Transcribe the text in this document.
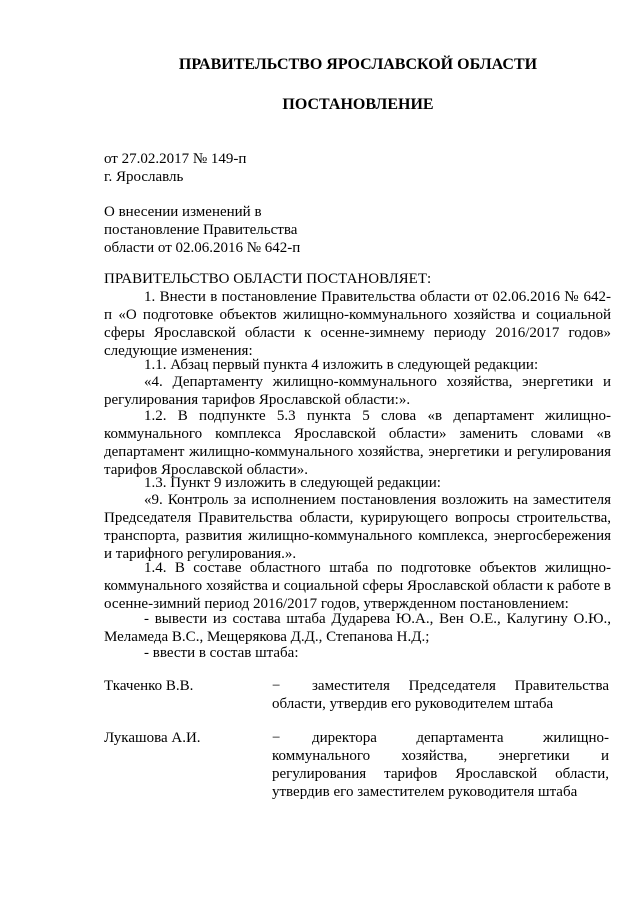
ПРАВИТЕЛЬСТВО ЯРОСЛАВСКОЙ ОБЛАСТИ
ПОСТАНОВЛЕНИЕ
от 27.02.2017 № 149-п
г. Ярославль
О внесении изменений в
постановление Правительства
области от 02.06.2016 № 642-п
ПРАВИТЕЛЬСТВО ОБЛАСТИ ПОСТАНОВЛЯЕТ:
1. Внести в постановление Правительства области от 02.06.2016 № 642-п «О подготовке объектов жилищно-коммунального хозяйства и социальной сферы Ярославской области к осенне-зимнему периоду 2016/2017 годов» следующие изменения:
1.1. Абзац первый пункта 4 изложить в следующей редакции:
«4. Департаменту жилищно-коммунального хозяйства, энергетики и регулирования тарифов Ярославской области:».
1.2. В подпункте 5.3 пункта 5 слова «в департамент жилищно-коммунального комплекса Ярославской области» заменить словами «в департамент жилищно-коммунального хозяйства, энергетики и регулирования тарифов Ярославской области».
1.3. Пункт 9 изложить в следующей редакции:
«9. Контроль за исполнением постановления возложить на заместителя Председателя Правительства области, курирующего вопросы строительства, транспорта, развития жилищно-коммунального комплекса, энергосбережения и тарифного регулирования.».
1.4. В составе областного штаба по подготовке объектов жилищно-коммунального хозяйства и социальной сферы Ярославской области к работе в осенне-зимний период 2016/2017 годов, утвержденном постановлением:
- вывести из состава штаба Дударева Ю.А., Вен О.Е., Калугину О.Ю., Меламеда В.С., Мещерякова Д.Д., Степанова Н.Д.;
- ввести в состав штаба:
Ткаченко В.В.	−	заместителя Председателя Правительства области, утвердив его руководителем штаба
Лукашова А.И.	−	директора департамента жилищно-коммунального хозяйства, энергетики и регулирования тарифов Ярославской области, утвердив его заместителем руководителя штаба
